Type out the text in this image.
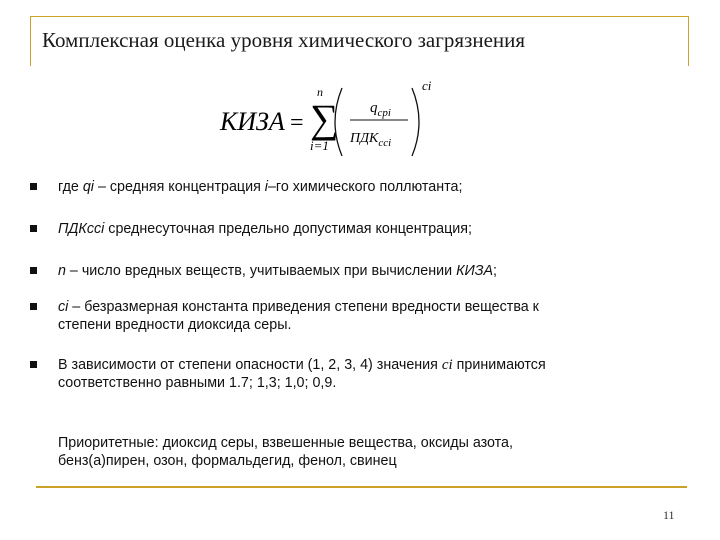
Комплексная оценка уровня химического загрязнения
КИЗА =
n
∑
i=1
$q_{срi}$
$ПДК_{ссi}$
ci
где qi – средняя концентрация i–го химического поллютанта;
ПДКcci среднесуточная предельно допустимая концентрация;
n – число вредных веществ, учитываемых при вычислении КИЗА;
ci – безразмерная константа приведения степени вредности вещества к
степени вредности диоксида серы.
В зависимости от степени опасности (1, 2, 3, 4) значения ci принимаются
соответственно равными 1.7; 1,3; 1,0; 0,9.
Приоритетные: диоксид серы, взвешенные вещества, оксиды азота,
бенз(а)пирен, озон, формальдегид, фенол, свинец
11
